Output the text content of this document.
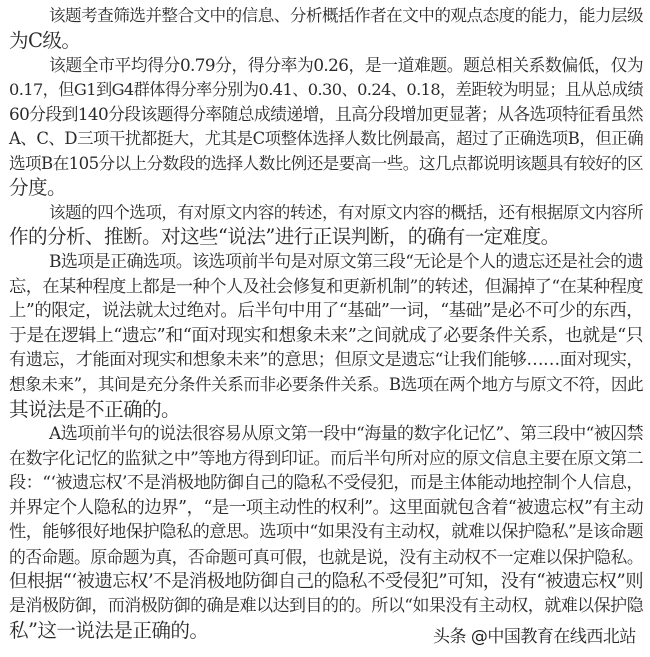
该题考查筛选并整合文中的信息、分析概括作者在文中的观点态度的能力，能力层级
为C级。
该题全市平均得分0.79分，得分率为0.26，是一道难题。题总相关系数偏低，仅为
0.17，但G1到G4群体得分率分别为0.41、0.30、0.24、0.18，差距较为明显；且从总成绩
60分段到140分段该题得分率随总成绩递增，且高分段增加更显著；从各选项特征看虽然
A、C、D三项干扰都挺大，尤其是C项整体选择人数比例最高，超过了正确选项B，但正确
选项B在105分以上分数段的选择人数比例还是要高一些。这几点都说明该题具有较好的区
分度。
该题的四个选项，有对原文内容的转述，有对原文内容的概括，还有根据原文内容所
作的分析、推断。对这些“说法”进行正误判断，的确有一定难度。
B选项是正确选项。该选项前半句是对原文第三段“无论是个人的遗忘还是社会的遗
忘，在某种程度上都是一种个人及社会修复和更新机制”的转述，但漏掉了“在某种程度
上”的限定，说法就太过绝对。后半句中用了“基础”一词，“基础”是必不可少的东西，
于是在逻辑上“遗忘”和“面对现实和想象未来”之间就成了必要条件关系，也就是“只
有遗忘，才能面对现实和想象未来”的意思；但原文是遗忘“让我们能够……面对现实，
想象未来”，其间是充分条件关系而非必要条件关系。B选项在两个地方与原文不符，因此
其说法是不正确的。
A选项前半句的说法很容易从原文第一段中“海量的数字化记忆”、第三段中“被囚禁
在数字化记忆的监狱之中”等地方得到印证。而后半句所对应的原文信息主要在原文第二
段：“‘被遗忘权’不是消极地防御自己的隐私不受侵犯，而是主体能动地控制个人信息，
并界定个人隐私的边界”，“是一项主动性的权利”。这里面就包含着“被遗忘权”有主动
性，能够很好地保护隐私的意思。选项中“如果没有主动权，就难以保护隐私”是该命题
的否命题。原命题为真，否命题可真可假，也就是说，没有主动权不一定难以保护隐私。
但根据“‘被遗忘权’不是消极地防御自己的隐私不受侵犯”可知，没有“被遗忘权”则
是消极防御，而消极防御的确是难以达到目的的。所以“如果没有主动权，就难以保护隐
私”这一说法是正确的。	头条 @中国教育在线西北站
